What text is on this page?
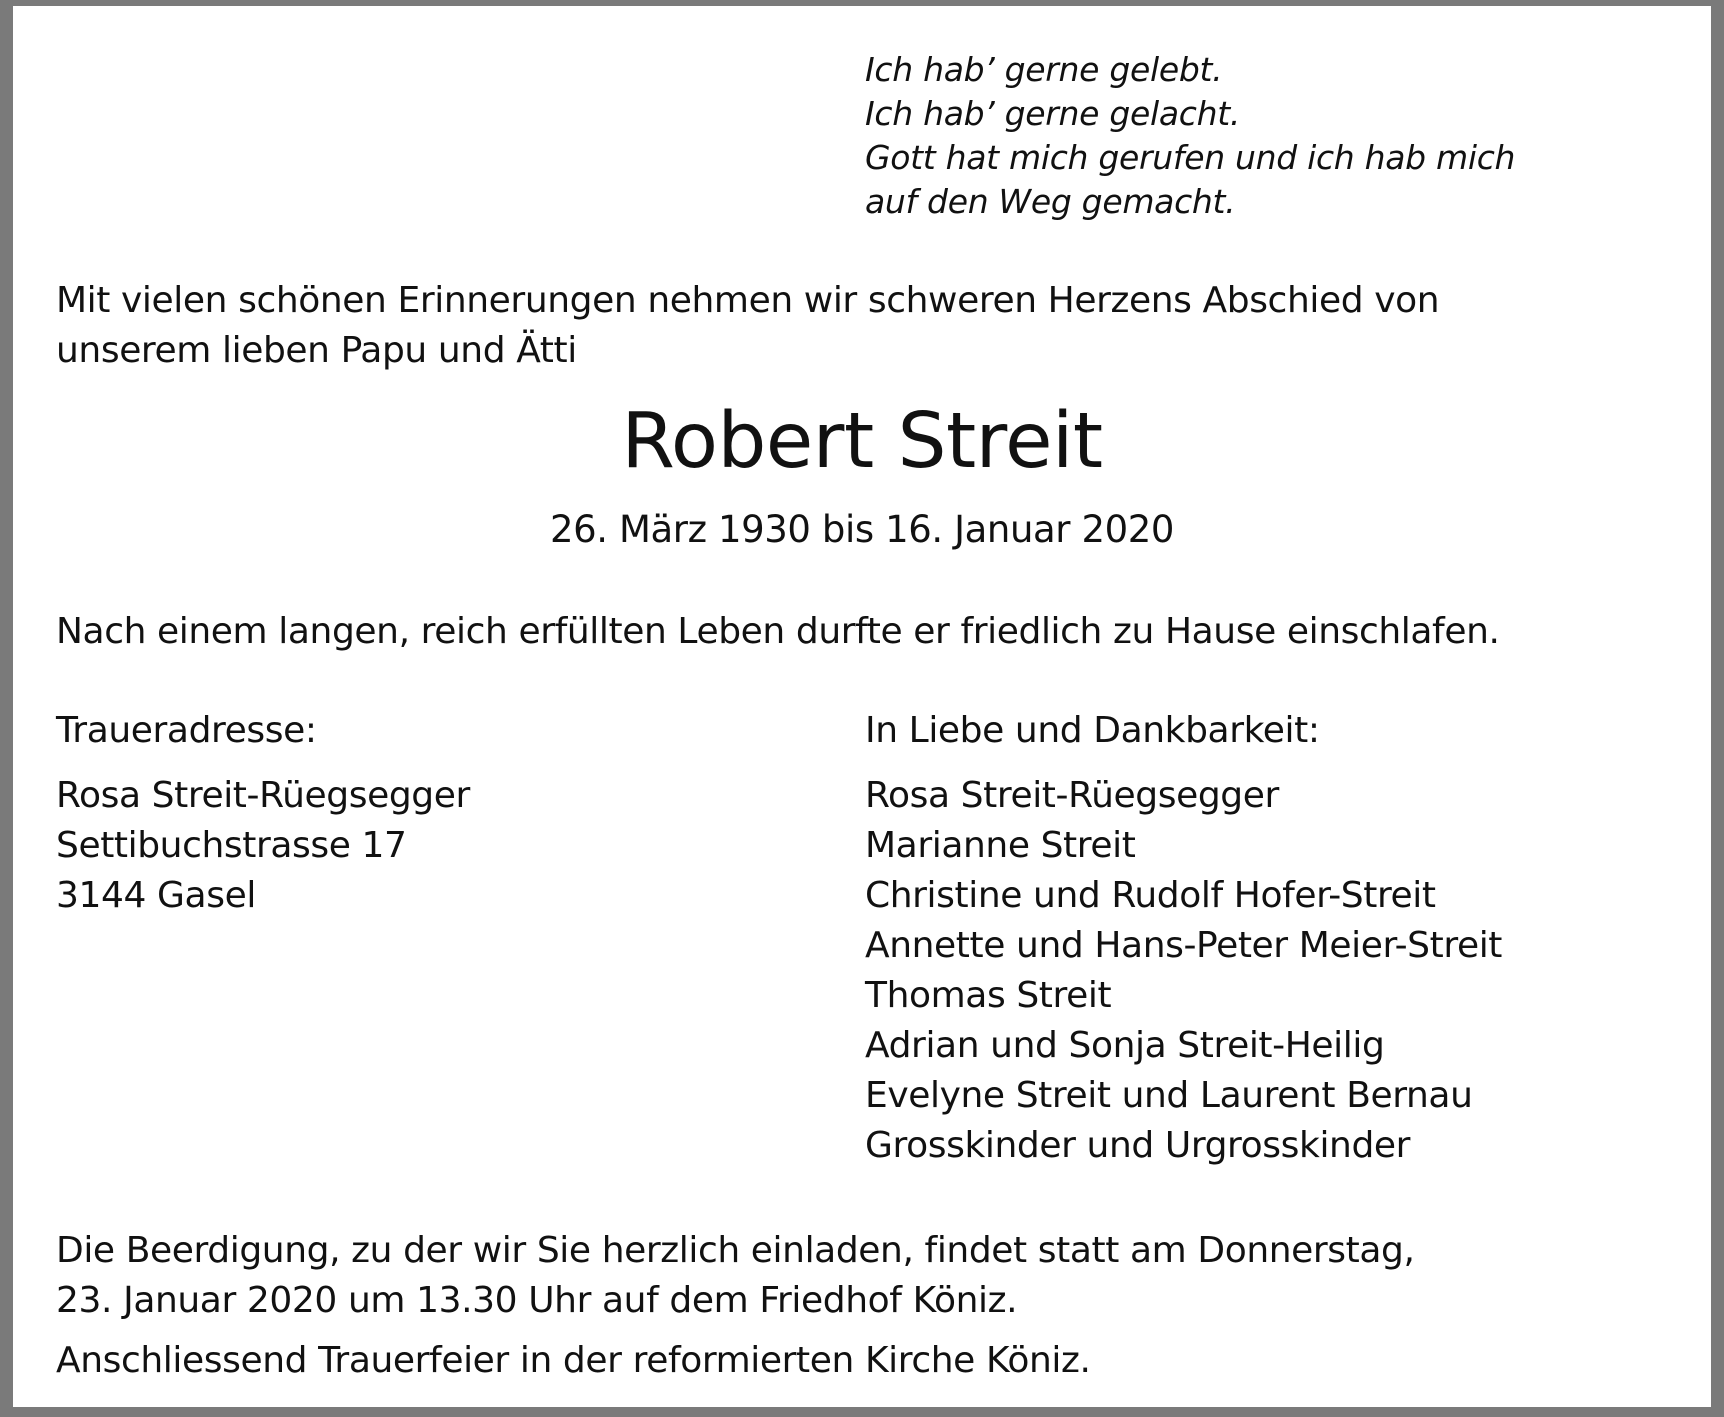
Ich hab’ gerne gelebt.
Ich hab’ gerne gelacht.
Gott hat mich gerufen und ich hab mich
auf den Weg gemacht.
Mit vielen schönen Erinnerungen nehmen wir schweren Herzens Abschied von
unserem lieben Papu und Ätti
Robert Streit
26. März 1930 bis 16. Januar 2020
Nach einem langen, reich erfüllten Leben durfte er friedlich zu Hause einschlafen.
Traueradresse:
Rosa Streit-Rüegsegger
Settibuchstrasse 17
3144 Gasel
In Liebe und Dankbarkeit:
Rosa Streit-Rüegsegger
Marianne Streit
Christine und Rudolf Hofer-Streit
Annette und Hans-Peter Meier-Streit
Thomas Streit
Adrian und Sonja Streit-Heilig
Evelyne Streit und Laurent Bernau
Grosskinder und Urgrosskinder
Die Beerdigung, zu der wir Sie herzlich einladen, findet statt am Donnerstag,
23. Januar 2020 um 13.30 Uhr auf dem Friedhof Köniz.
Anschliessend Trauerfeier in der reformierten Kirche Köniz.
